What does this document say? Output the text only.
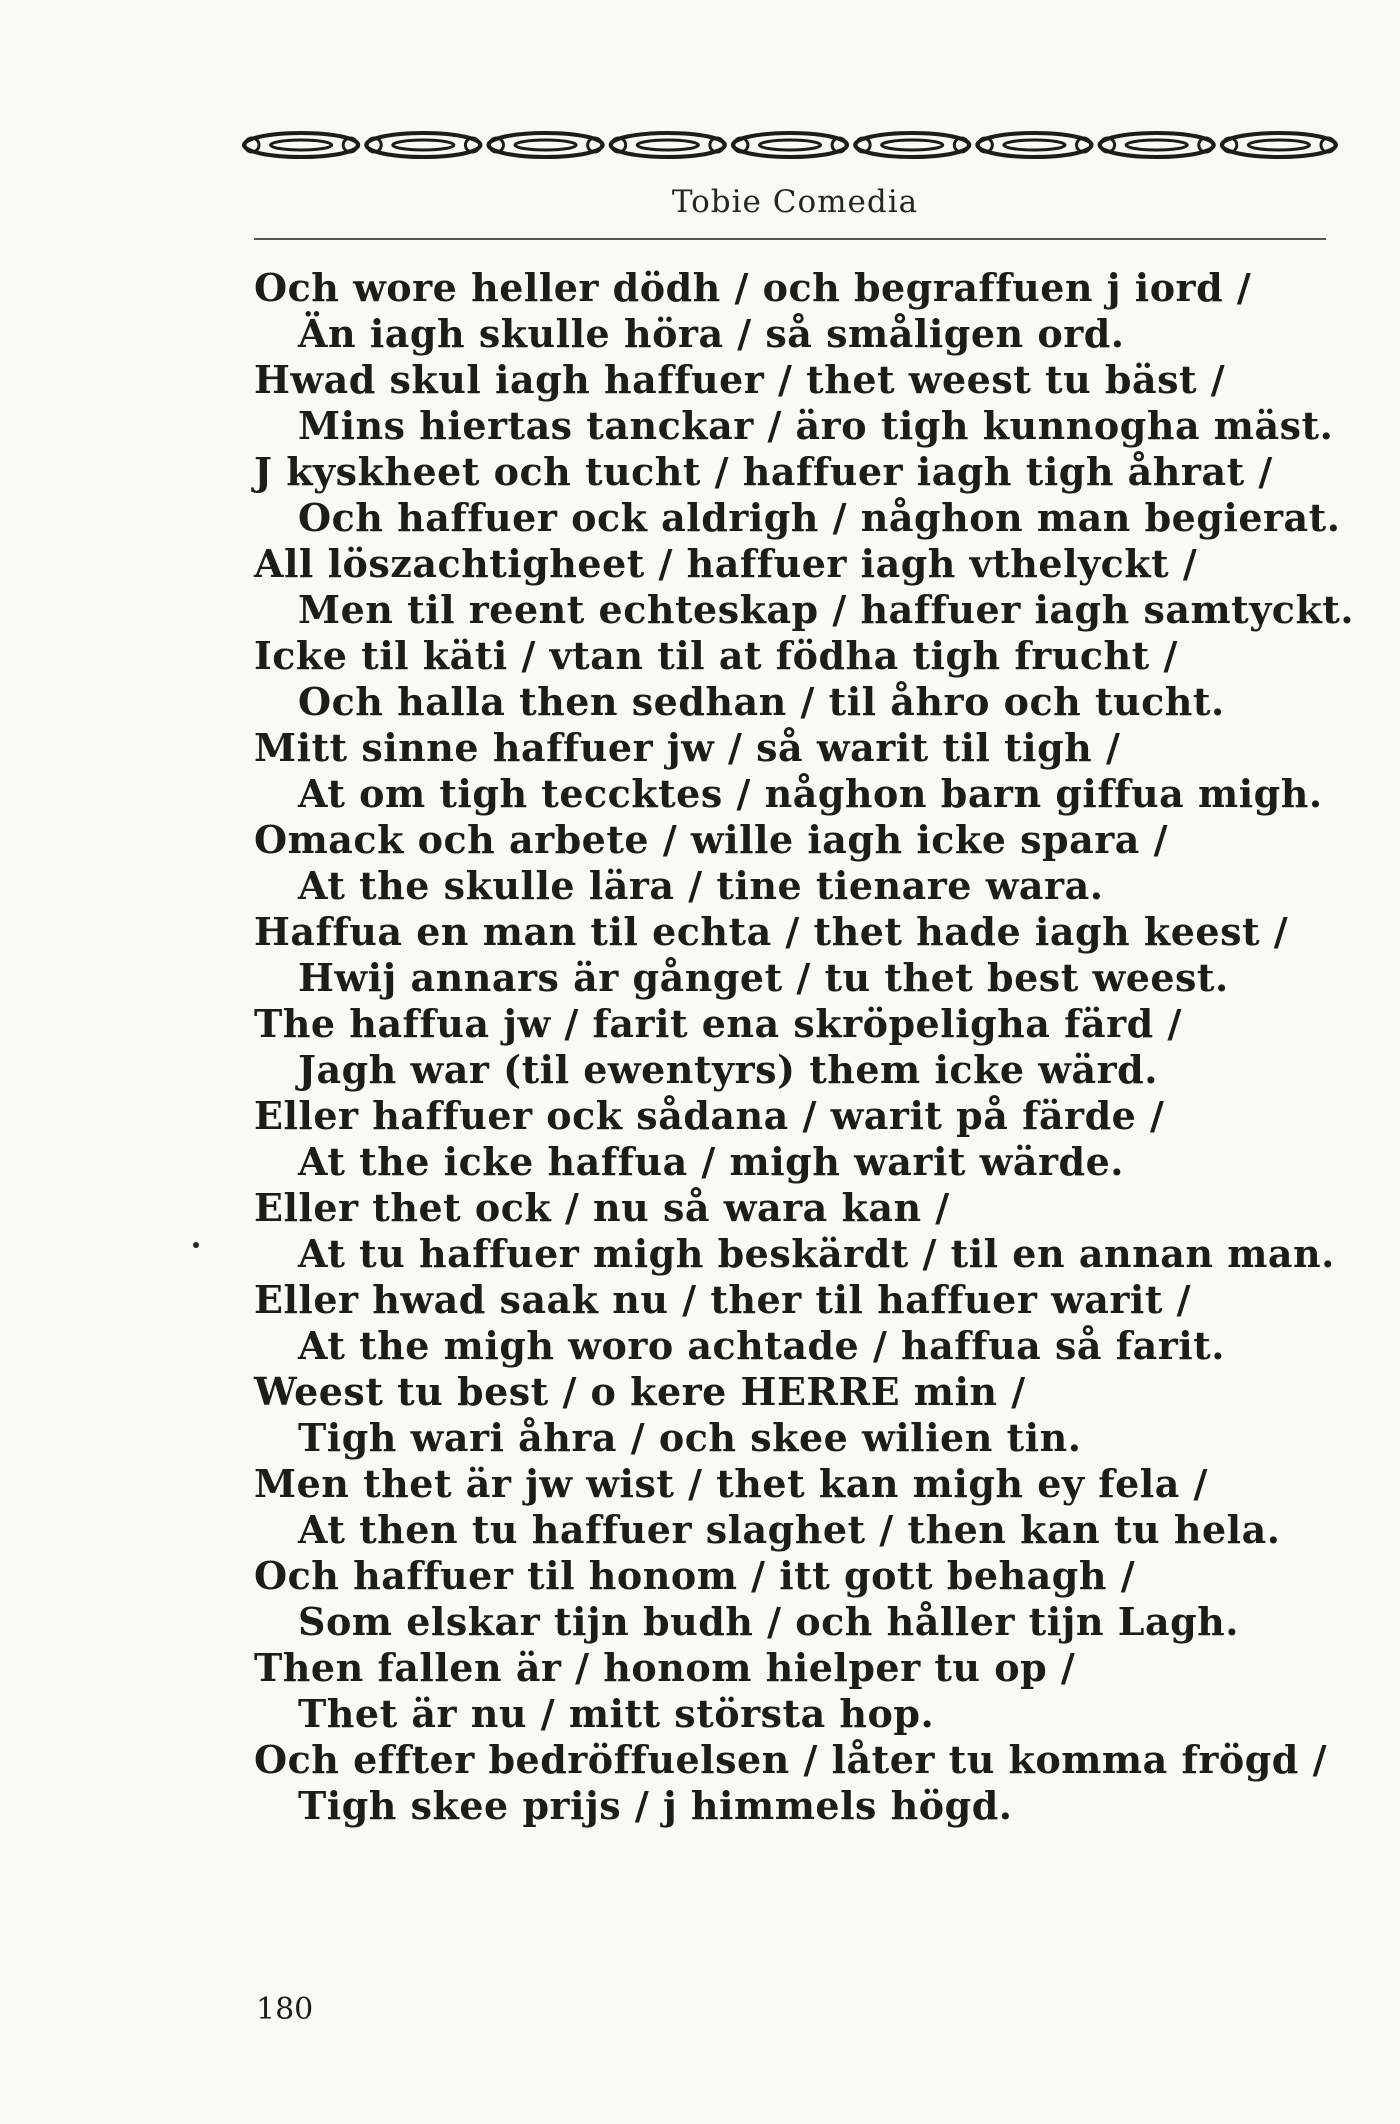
Tobie Comedia
Och wore heller dödh / och begraffuen j iord /
Än iagh skulle höra / så småligen ord.
Hwad skul iagh haffuer / thet weest tu bäst /
Mins hiertas tanckar / äro tigh kunnogha mäst.
J kyskheet och tucht / haffuer iagh tigh åhrat /
Och haffuer ock aldrigh / någhon man begierat.
All löszachtigheet / haffuer iagh vthelyckt /
Men til reent echteskap / haffuer iagh samtyckt.
Icke til käti / vtan til at födha tigh frucht /
Och halla then sedhan / til åhro och tucht.
Mitt sinne haffuer jw / så warit til tigh /
At om tigh teccktes / någhon barn giffua migh.
Omack och arbete / wille iagh icke spara /
At the skulle lära / tine tienare wara.
Haffua en man til echta / thet hade iagh keest /
Hwij annars är gånget / tu thet best weest.
The haffua jw / farit ena skröpeligha färd /
Jagh war (til ewentyrs) them icke wärd.
Eller haffuer ock sådana / warit på färde /
At the icke haffua / migh warit wärde.
Eller thet ock / nu så wara kan /
At tu haffuer migh beskärdt / til en annan man.
Eller hwad saak nu / ther til haffuer warit /
At the migh woro achtade / haffua så farit.
Weest tu best / o kere HERRE min /
Tigh wari åhra / och skee wilien tin.
Men thet är jw wist / thet kan migh ey fela /
At then tu haffuer slaghet / then kan tu hela.
Och haffuer til honom / itt gott behagh /
Som elskar tijn budh / och håller tijn Lagh.
Then fallen är / honom hielper tu op /
Thet är nu / mitt största hop.
Och effter bedröffuelsen / låter tu komma frögd /
Tigh skee prijs / j himmels högd.
180
